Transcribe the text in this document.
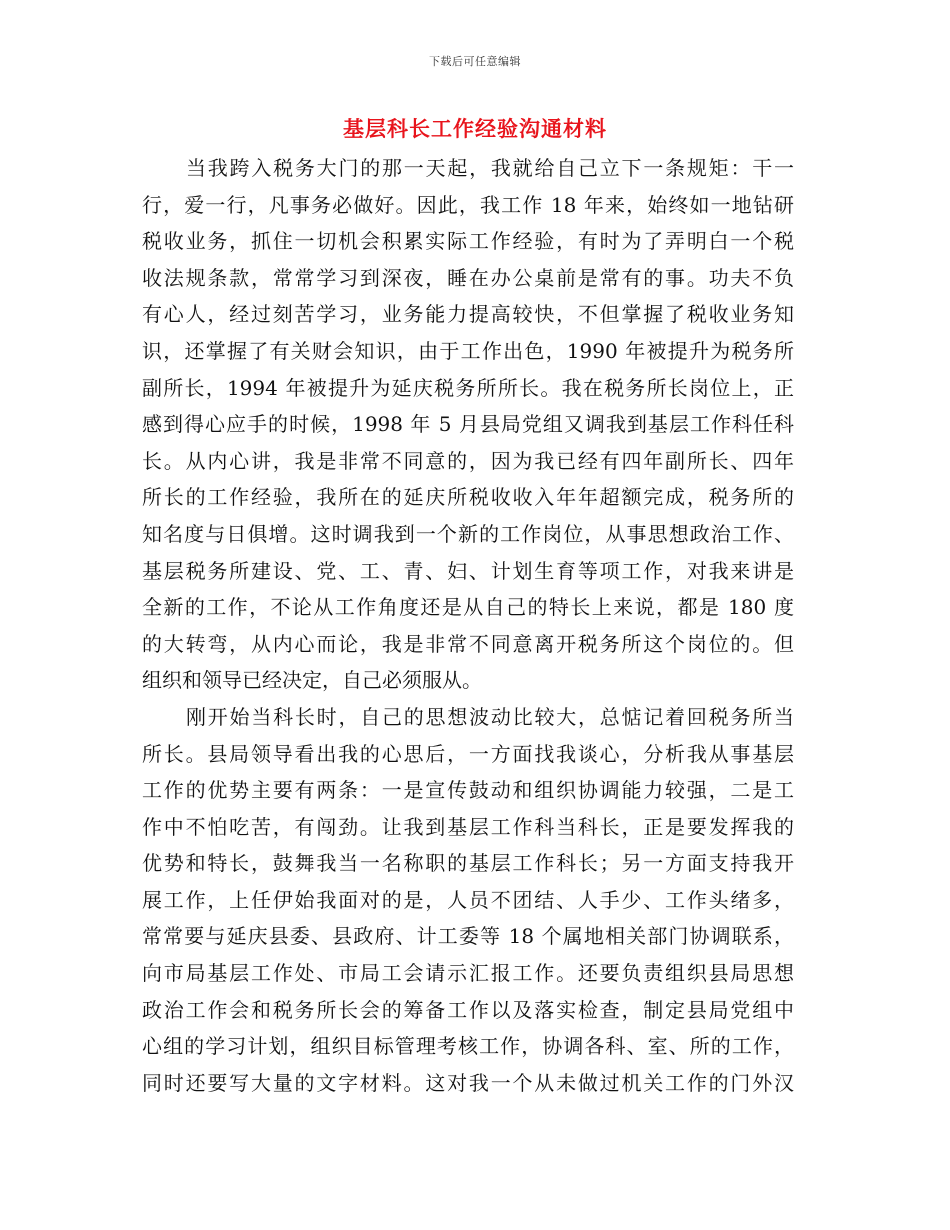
下载后可任意编辑
基层科长工作经验沟通材料
当我跨入税务大门的那一天起，我就给自己立下一条规矩：干一
行，爱一行，凡事务必做好。因此，我工作 18 年来，始终如一地钻研
税收业务，抓住一切机会积累实际工作经验，有时为了弄明白一个税
收法规条款，常常学习到深夜，睡在办公桌前是常有的事。功夫不负
有心人，经过刻苦学习，业务能力提高较快，不但掌握了税收业务知
识，还掌握了有关财会知识，由于工作出色，1990 年被提升为税务所
副所长，1994 年被提升为延庆税务所所长。我在税务所长岗位上，正
感到得心应手的时候，1998 年 5 月县局党组又调我到基层工作科任科
长。从内心讲，我是非常不同意的，因为我已经有四年副所长、四年
所长的工作经验，我所在的延庆所税收收入年年超额完成，税务所的
知名度与日俱增。这时调我到一个新的工作岗位，从事思想政治工作、
基层税务所建设、党、工、青、妇、计划生育等项工作，对我来讲是
全新的工作，不论从工作角度还是从自己的特长上来说，都是 180 度
的大转弯，从内心而论，我是非常不同意离开税务所这个岗位的。但
组织和领导已经决定，自己必须服从。
刚开始当科长时，自己的思想波动比较大，总惦记着回税务所当
所长。县局领导看出我的心思后，一方面找我谈心，分析我从事基层
工作的优势主要有两条：一是宣传鼓动和组织协调能力较强，二是工
作中不怕吃苦，有闯劲。让我到基层工作科当科长，正是要发挥我的
优势和特长，鼓舞我当一名称职的基层工作科长；另一方面支持我开
展工作，上任伊始我面对的是，人员不团结、人手少、工作头绪多，
常常要与延庆县委、县政府、计工委等 18 个属地相关部门协调联系，
向市局基层工作处、市局工会请示汇报工作。还要负责组织县局思想
政治工作会和税务所长会的筹备工作以及落实检查，制定县局党组中
心组的学习计划，组织目标管理考核工作，协调各科、室、所的工作，
同时还要写大量的文字材料。这对我一个从未做过机关工作的门外汉
